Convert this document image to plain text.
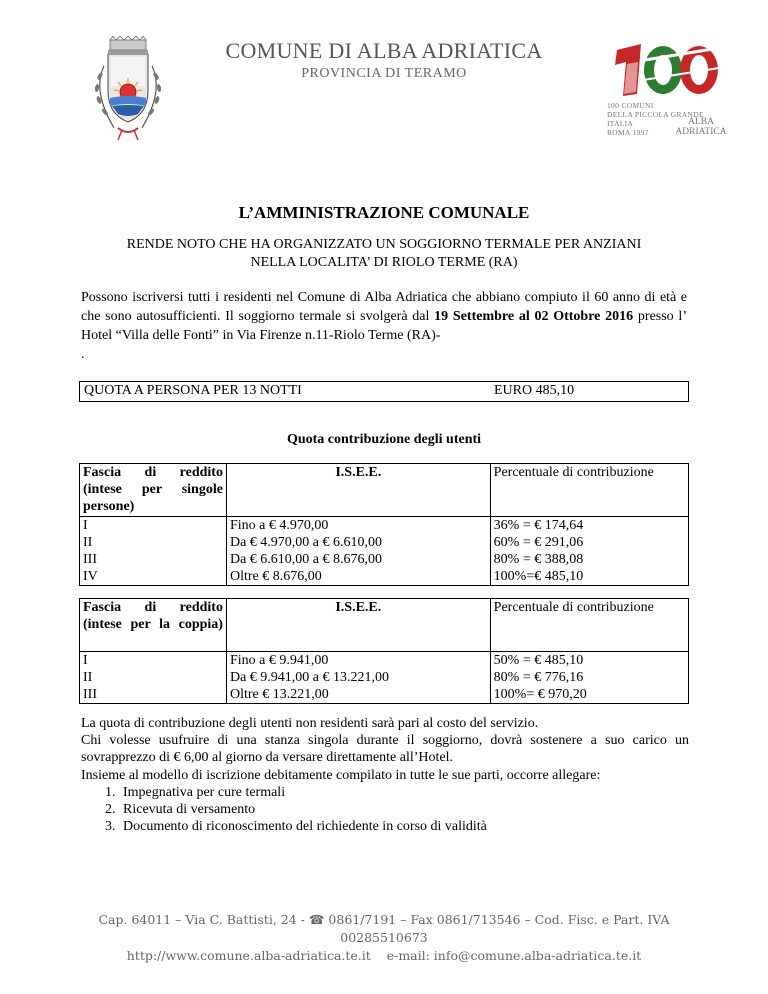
COMUNE DI ALBA ADRIATICA
PROVINCIA DI TERAMO
100 COMUNI
DELLA PICCOLA GRANDE
ITALIA
ROMA 1997
ALBA
ADRIATICA
L’AMMINISTRAZIONE COMUNALE
RENDE NOTO CHE HA ORGANIZZATO UN SOGGIORNO TERMALE PER ANZIANI
NELLA LOCALITA’ DI RIOLO TERME (RA)
Possono iscriversi tutti i residenti nel Comune di Alba Adriatica che abbiano compiuto il 60 anno di età e che sono autosufficienti. Il soggiorno termale si svolgerà dal 19 Settembre al 02 Ottobre 2016 presso l’ Hotel “Villa delle Fonti” in Via Firenze n.11-Riolo Terme (RA)-
.
QUOTA A PERSONA PER 13 NOTTI	EURO 485,10
Quota contribuzione degli utenti
Fascia di reddito (intese per singole persone)	I.S.E.E.	Percentuale di contribuzione
I	Fino a € 4.970,00	36% = € 174,64
II	Da € 4.970,00 a € 6.610,00	60% = € 291,06
III	Da € 6.610,00 a € 8.676,00	80% = € 388,08
IV	Oltre € 8.676,00	100%=€ 485,10
Fascia di reddito (intese per la coppia)	I.S.E.E.	Percentuale di contribuzione
I	Fino a € 9.941,00	50% = € 485,10
II	Da € 9.941,00 a € 13.221,00	80% = € 776,16
III	Oltre € 13.221,00	100%= € 970,20
La quota di contribuzione degli utenti non residenti sarà pari al costo del servizio.
Chi volesse usufruire di una stanza singola durante il soggiorno, dovrà sostenere a suo carico un sovrapprezzo di € 6,00 al giorno da versare direttamente all’Hotel.
Insieme al modello di iscrizione debitamente compilato in tutte le sue parti, occorre allegare:
1. Impegnativa per cure termali
2. Ricevuta di versamento
3. Documento di riconoscimento del richiedente in corso di validità
Cap. 64011 – Via C. Battisti, 24 - ☎ 0861/7191 – Fax 0861/713546 – Cod. Fisc. e Part. IVA
00285510673
http://www.comune.alba-adriatica.te.it e-mail: info@comune.alba-adriatica.te.it
